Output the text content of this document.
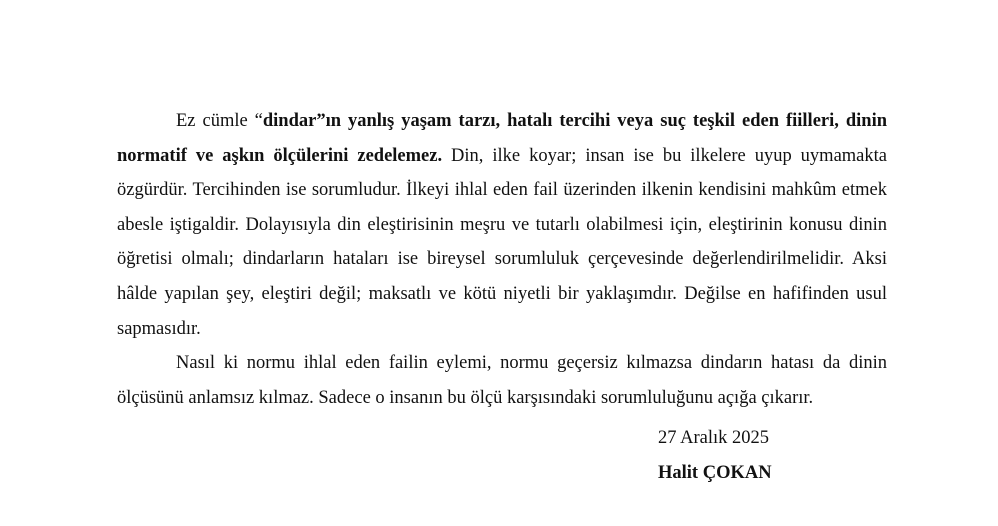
Ez cümle “dindar”ın yanlış yaşam tarzı, hatalı tercihi veya suç teşkil eden fiilleri, dinin normatif ve aşkın ölçülerini zedelemez. Din, ilke koyar; insan ise bu ilkelere uyup uymamakta özgürdür. Tercihinden ise sorumludur. İlkeyi ihlal eden fail üzerinden ilkenin kendisini mahkûm etmek abesle iştigaldir. Dolayısıyla din eleştirisinin meşru ve tutarlı olabilmesi için, eleştirinin konusu dinin öğretisi olmalı; dindarların hataları ise bireysel sorumluluk çerçevesinde değerlendirilmelidir. Aksi hâlde yapılan şey, eleştiri değil; maksatlı ve kötü niyetli bir yaklaşımdır. Değilse en hafifinden usul sapmasıdır.

Nasıl ki normu ihlal eden failin eylemi, normu geçersiz kılmazsa dindarın hatası da dinin ölçüsünü anlamsız kılmaz. Sadece o insanın bu ölçü karşısındaki sorumluluğunu açığa çıkarır.

27 Aralık 2025
Halit ÇOKAN
